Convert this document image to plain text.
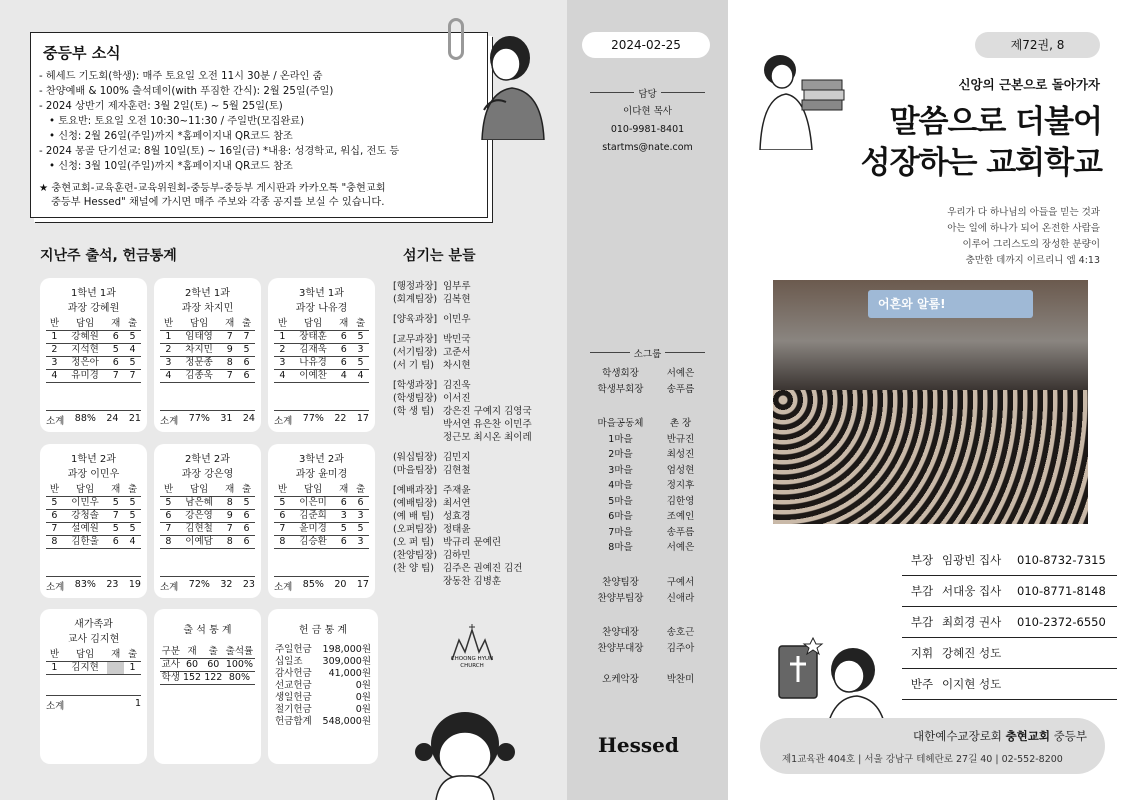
중등부 소식
- 헤세드 기도회(학생): 매주 토요일 오전 11시 30분 / 온라인 줌
- 찬양예배 & 100% 출석데이(with 푸짐한 간식): 2월 25일(주일)
- 2024 상반기 제자훈련: 3월 2일(토) ~ 5월 25일(토)
• 토요반: 토요일 오전 10:30~11:30 / 주일반(모집완료)
• 신청: 2월 26일(주일)까지 *홈페이지내 QR코드 참조
- 2024 몽골 단기선교: 8월 10일(토) ~ 16일(금) *내용: 성경학교, 워십, 전도 등
• 신청: 3월 10일(주일)까지 *홈페이지내 QR코드 참조
★ 충현교회-교육훈련-교육위원회-중등부-중등부 게시판과 카카오톡 "충현교회
중등부 Hessed" 채널에 가시면 매주 주보와 각종 공지를 보실 수 있습니다.
지난주 출석, 헌금통계	섬기는 분들
1학년 1과
과장 강혜원
반	담임	재	출
1	강혜원	6	5
2	지석현	5	4
3	정은아	6	5
4	유미경	7	7
소계 88% 24 21
2학년 1과
과장 차지민
반	담임	재	출
1	임태영	7	7
2	차지민	9	5
3	정문종	8	6
4	김종욱	7	6
소계 77% 31 24
3학년 1과
과장 나유경
반	담임	재	출
1	장태훈	6	5
2	김재욱	6	3
3	나유경	6	5
4	이예찬	4	4
소계 77% 22 17
1학년 2과
과장 이민우
반	담임	재	출
5	이민우	5	5
6	강청솔	7	5
7	설예원	5	5
8	김한울	6	4
소계 83% 23 19
2학년 2과
과장 강은영
반	담임	재	출
5	남은혜	8	5
6	강은영	9	6
7	김현철	7	6
8	이예담	8	6
소계 72% 32 23
3학년 2과
과장 윤미경
반	담임	재	출
5	이은미	6	6
6	김준희	3	3
7	윤미경	5	5
8	김승환	6	3
소계 85% 20 17
새가족과
교사 김지현
반	담임	재	출
1	김지현		1
소계	1
출 석 통 계
구분	재	출	출석률
교사	60	60	100%
학생	152	122	80%
헌 금 통 계
주일헌금	198,000원
십일조	309,000원
감사헌금	41,000원
선교헌금	0원
생일헌금	0원
절기헌금	0원
헌금합계	548,000원
[행정과장] 임부루
(회계팀장) 김복현
[양육과장] 이민우
[교무과장] 박민국
(서기팀장) 고준서
(서 기 팀) 차시현
[학생과장] 김진욱
(학생팀장) 이서진
(학 생 팀) 강은진 구예지 김영국
박서연 유은찬 이민주
정근모 최시온 최이레
(워십팀장) 김민지
(마을팀장) 김현철
[예배과장] 주재윤
(예배팀장) 최서연
(예 배 팀) 성효경
(오퍼팀장) 정태윤
(오 퍼 팀) 박규리 문예린
(찬양팀장) 김하민
(찬 양 팀) 김주은 권예진 김건
장동찬 김병훈
CHOONG HYUN CHURCH
2024-02-25
담당
이다현 목사
010-9981-8401
startms@nate.com
소그룹
학생회장	서예은
학생부회장	송푸름
마을공동체	촌 장
1마을	반규진
2마을	최성진
3마을	엄성현
4마을	정지후
5마을	김한영
6마을	조예인
7마을	송푸름
8마을	서예은
찬양팀장	구예서
찬양부팀장	신애라
찬양대장	송호근
찬양부대장	김주아
오케악장	박찬미
Hessed
제72권, 8
신앙의 근본으로 돌아가자
말씀으로 더불어
성장하는 교회학교
우리가 다 하나님의 아들을 믿는 것과
아는 일에 하나가 되어 온전한 사람을
이루어 그리스도의 장성한 분량이
충만한 데까지 이르리니 엡 4:13
어흔와 알롬!
부장 임광빈 집사	010-8732-7315
부감 서대웅 집사	010-8771-8148
부감 최희경 권사	010-2372-6550
지휘 강혜진 성도
반주 이지현 성도
대한예수교장로회 충현교회 중등부
제1교육관 404호 | 서울 강남구 테헤란로 27길 40 | 02-552-8200
